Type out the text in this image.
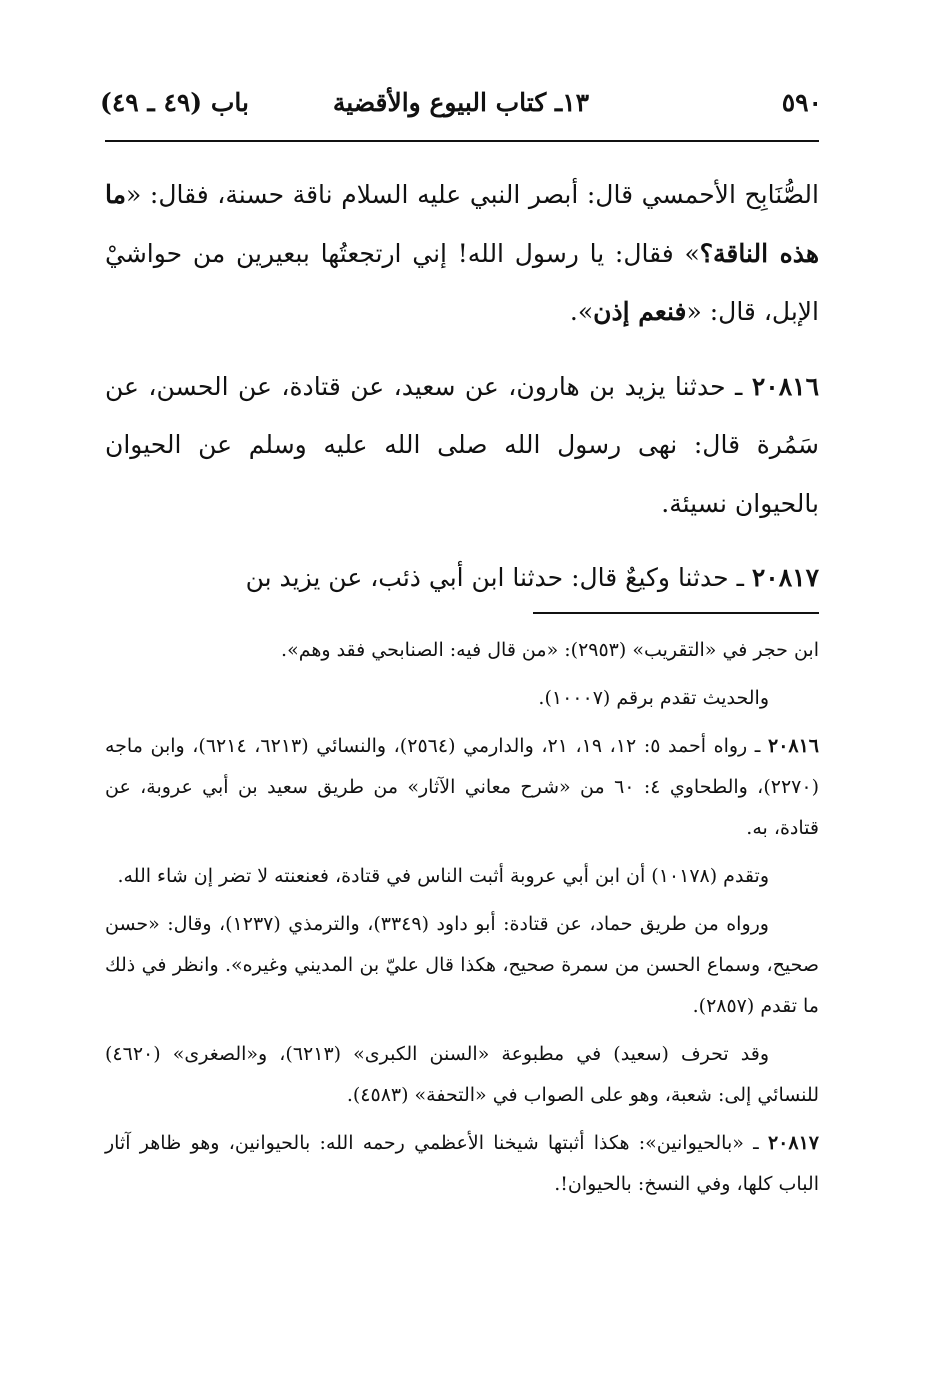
باب (٤٩ ـ ٤٩)	١٣ـ كتاب البيوع والأقضية	٥٩٠

الصُّنَابِح الأحمسي قال: أبصر النبي عليه السلام ناقة حسنة، فقال: «ما هذه الناقة؟» فقال: يا رسول الله! إني ارتجعتُها ببعيرين من حواشيْ الإبل، قال: «فنعم إذن».

٢٠٨١٦ ـ حدثنا يزيد بن هارون، عن سعيد، عن قتادة، عن الحسن، عن سَمُرة قال: نهى رسول الله صلى الله عليه وسلم عن الحيوان بالحيوان نسيئة.

٢٠٨١٧ ـ حدثنا وكيعٌ قال: حدثنا ابن أبي ذئب، عن يزيد بن

ابن حجر في «التقريب» (٢٩٥٣): «من قال فيه: الصنابحي فقد وهم».

والحديث تقدم برقم (١٠٠٠٧).

٢٠٨١٦ ـ رواه أحمد ٥: ١٢، ١٩، ٢١، والدارمي (٢٥٦٤)، والنسائي (٦٢١٣، ٦٢١٤)، وابن ماجه (٢٢٧٠)، والطحاوي ٤: ٦٠ من «شرح معاني الآثار» من طريق سعيد بن أبي عروبة، عن قتادة، به.

وتقدم (١٠١٧٨) أن ابن أبي عروبة أثبت الناس في قتادة، فعنعنته لا تضر إن شاء الله.

ورواه من طريق حماد، عن قتادة: أبو داود (٣٣٤٩)، والترمذي (١٢٣٧)، وقال: «حسن صحيح، وسماع الحسن من سمرة صحيح، هكذا قال عليّ بن المديني وغيره». وانظر في ذلك ما تقدم (٢٨٥٧).

وقد تحرف (سعيد) في مطبوعة «السنن الكبرى» (٦٢١٣)، و«الصغرى» (٤٦٢٠) للنسائي إلى: شعبة، وهو على الصواب في «التحفة» (٤٥٨٣).

٢٠٨١٧ ـ «بالحيوانين»: هكذا أثبتها شيخنا الأعظمي رحمه الله: بالحيوانين، وهو ظاهر آثار الباب كلها، وفي النسخ: بالحيوان!.
